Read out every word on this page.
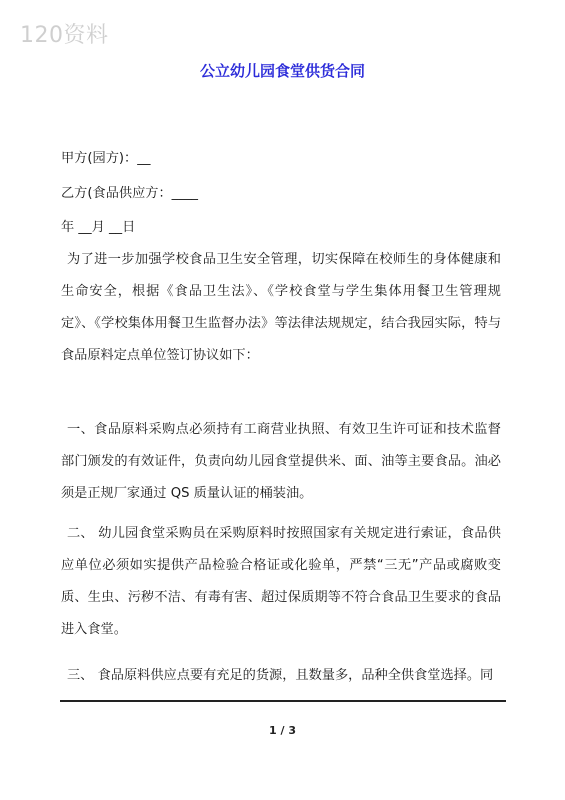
120资料
公立幼儿园食堂供货合同
甲方(园方)：__
乙方(食品供应方：____
年 __月 __日
为了进一步加强学校食品卫生安全管理，切实保障在校师生的身体健康和生命安全，根据《食品卫生法》、《学校食堂与学生集体用餐卫生管理规定》、《学校集体用餐卫生监督办法》等法律法规规定，结合我园实际，特与食品原料定点单位签订协议如下：
一、食品原料采购点必须持有工商营业执照、有效卫生许可证和技术监督部门颁发的有效证件，负责向幼儿园食堂提供米、面、油等主要食品。油必须是正规厂家通过 QS 质量认证的桶装油。
二、 幼儿园食堂采购员在采购原料时按照国家有关规定进行索证，食品供应单位必须如实提供产品检验合格证或化验单，严禁“三无”产品或腐败变质、生虫、污秽不洁、有毒有害、超过保质期等不符合食品卫生要求的食品进入食堂。
三、 食品原料供应点要有充足的货源，且数量多，品种全供食堂选择。同
1 / 3
